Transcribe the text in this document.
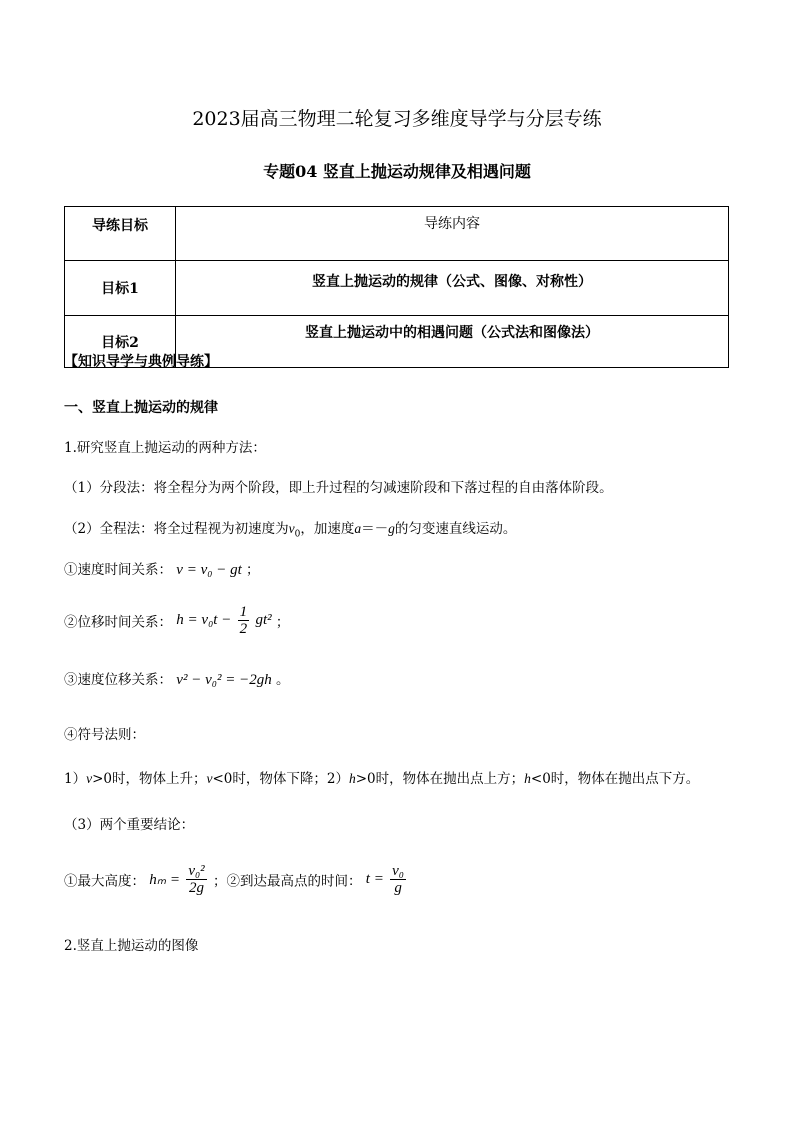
2023届高三物理二轮复习多维度导学与分层专练
专题04 竖直上抛运动规律及相遇问题
导练目标	导练内容
目标1	竖直上抛运动的规律（公式、图像、对称性）
目标2	竖直上抛运动中的相遇问题（公式法和图像法）
【知识导学与典例导练】
一、竖直上抛运动的规律
1.研究竖直上抛运动的两种方法：
（1）分段法：将全程分为两个阶段，即上升过程的匀减速阶段和下落过程的自由落体阶段。
（2）全程法：将全过程视为初速度为$v_0$，加速度a＝－g的匀变速直线运动。
①速度时间关系： v = v₀ − gt ；
②位移时间关系： $h = v_0t - \frac{1}{2} gt^2$ ；
③速度位移关系： v² − v₀² = −2gh 。
④符号法则：
1）v>0时，物体上升；v<0时，物体下降；2）h>0时，物体在抛出点上方；h<0时，物体在抛出点下方。
（3）两个重要结论：
①最大高度： $h_m = \frac{\text{v₀²}}{2g}$ ；②到达最高点的时间： $t = \frac{\text{v₀}}{g}$
2.竖直上抛运动的图像
